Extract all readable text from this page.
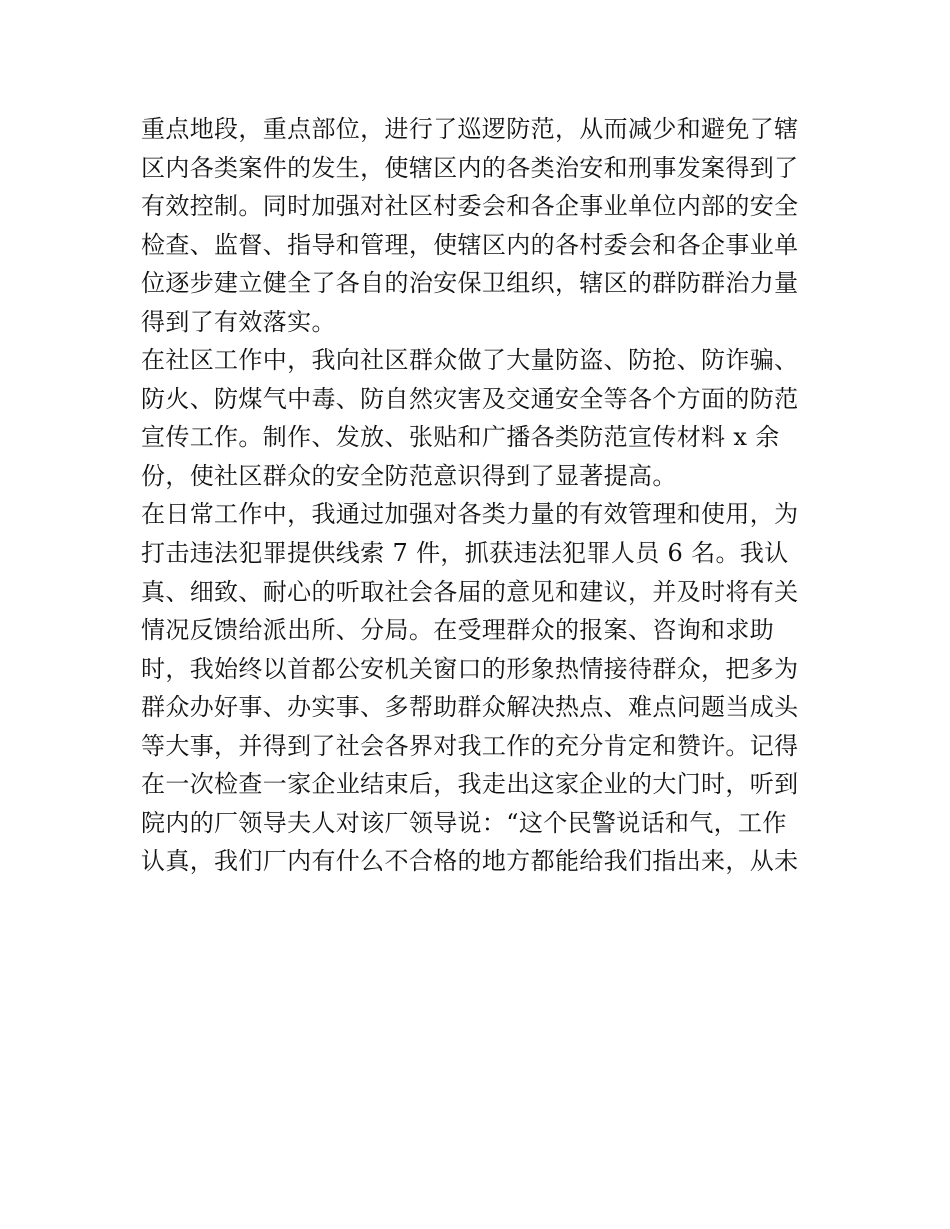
重点地段，重点部位，进行了巡逻防范，从而减少和避免了辖
区内各类案件的发生，使辖区内的各类治安和刑事发案得到了
有效控制。同时加强对社区村委会和各企事业单位内部的安全
检查、监督、指导和管理，使辖区内的各村委会和各企事业单
位逐步建立健全了各自的治安保卫组织，辖区的群防群治力量
得到了有效落实。
在社区工作中，我向社区群众做了大量防盗、防抢、防诈骗、
防火、防煤气中毒、防自然灾害及交通安全等各个方面的防范
宣传工作。制作、发放、张贴和广播各类防范宣传材料 x 余
份，使社区群众的安全防范意识得到了显著提高。
在日常工作中，我通过加强对各类力量的有效管理和使用，为
打击违法犯罪提供线索 7 件，抓获违法犯罪人员 6 名。我认
真、细致、耐心的听取社会各届的意见和建议，并及时将有关
情况反馈给派出所、分局。在受理群众的报案、咨询和求助
时，我始终以首都公安机关窗口的形象热情接待群众，把多为
群众办好事、办实事、多帮助群众解决热点、难点问题当成头
等大事，并得到了社会各界对我工作的充分肯定和赞许。记得
在一次检查一家企业结束后，我走出这家企业的大门时，听到
院内的厂领导夫人对该厂领导说：“这个民警说话和气，工作
认真，我们厂内有什么不合格的地方都能给我们指出来，从未
